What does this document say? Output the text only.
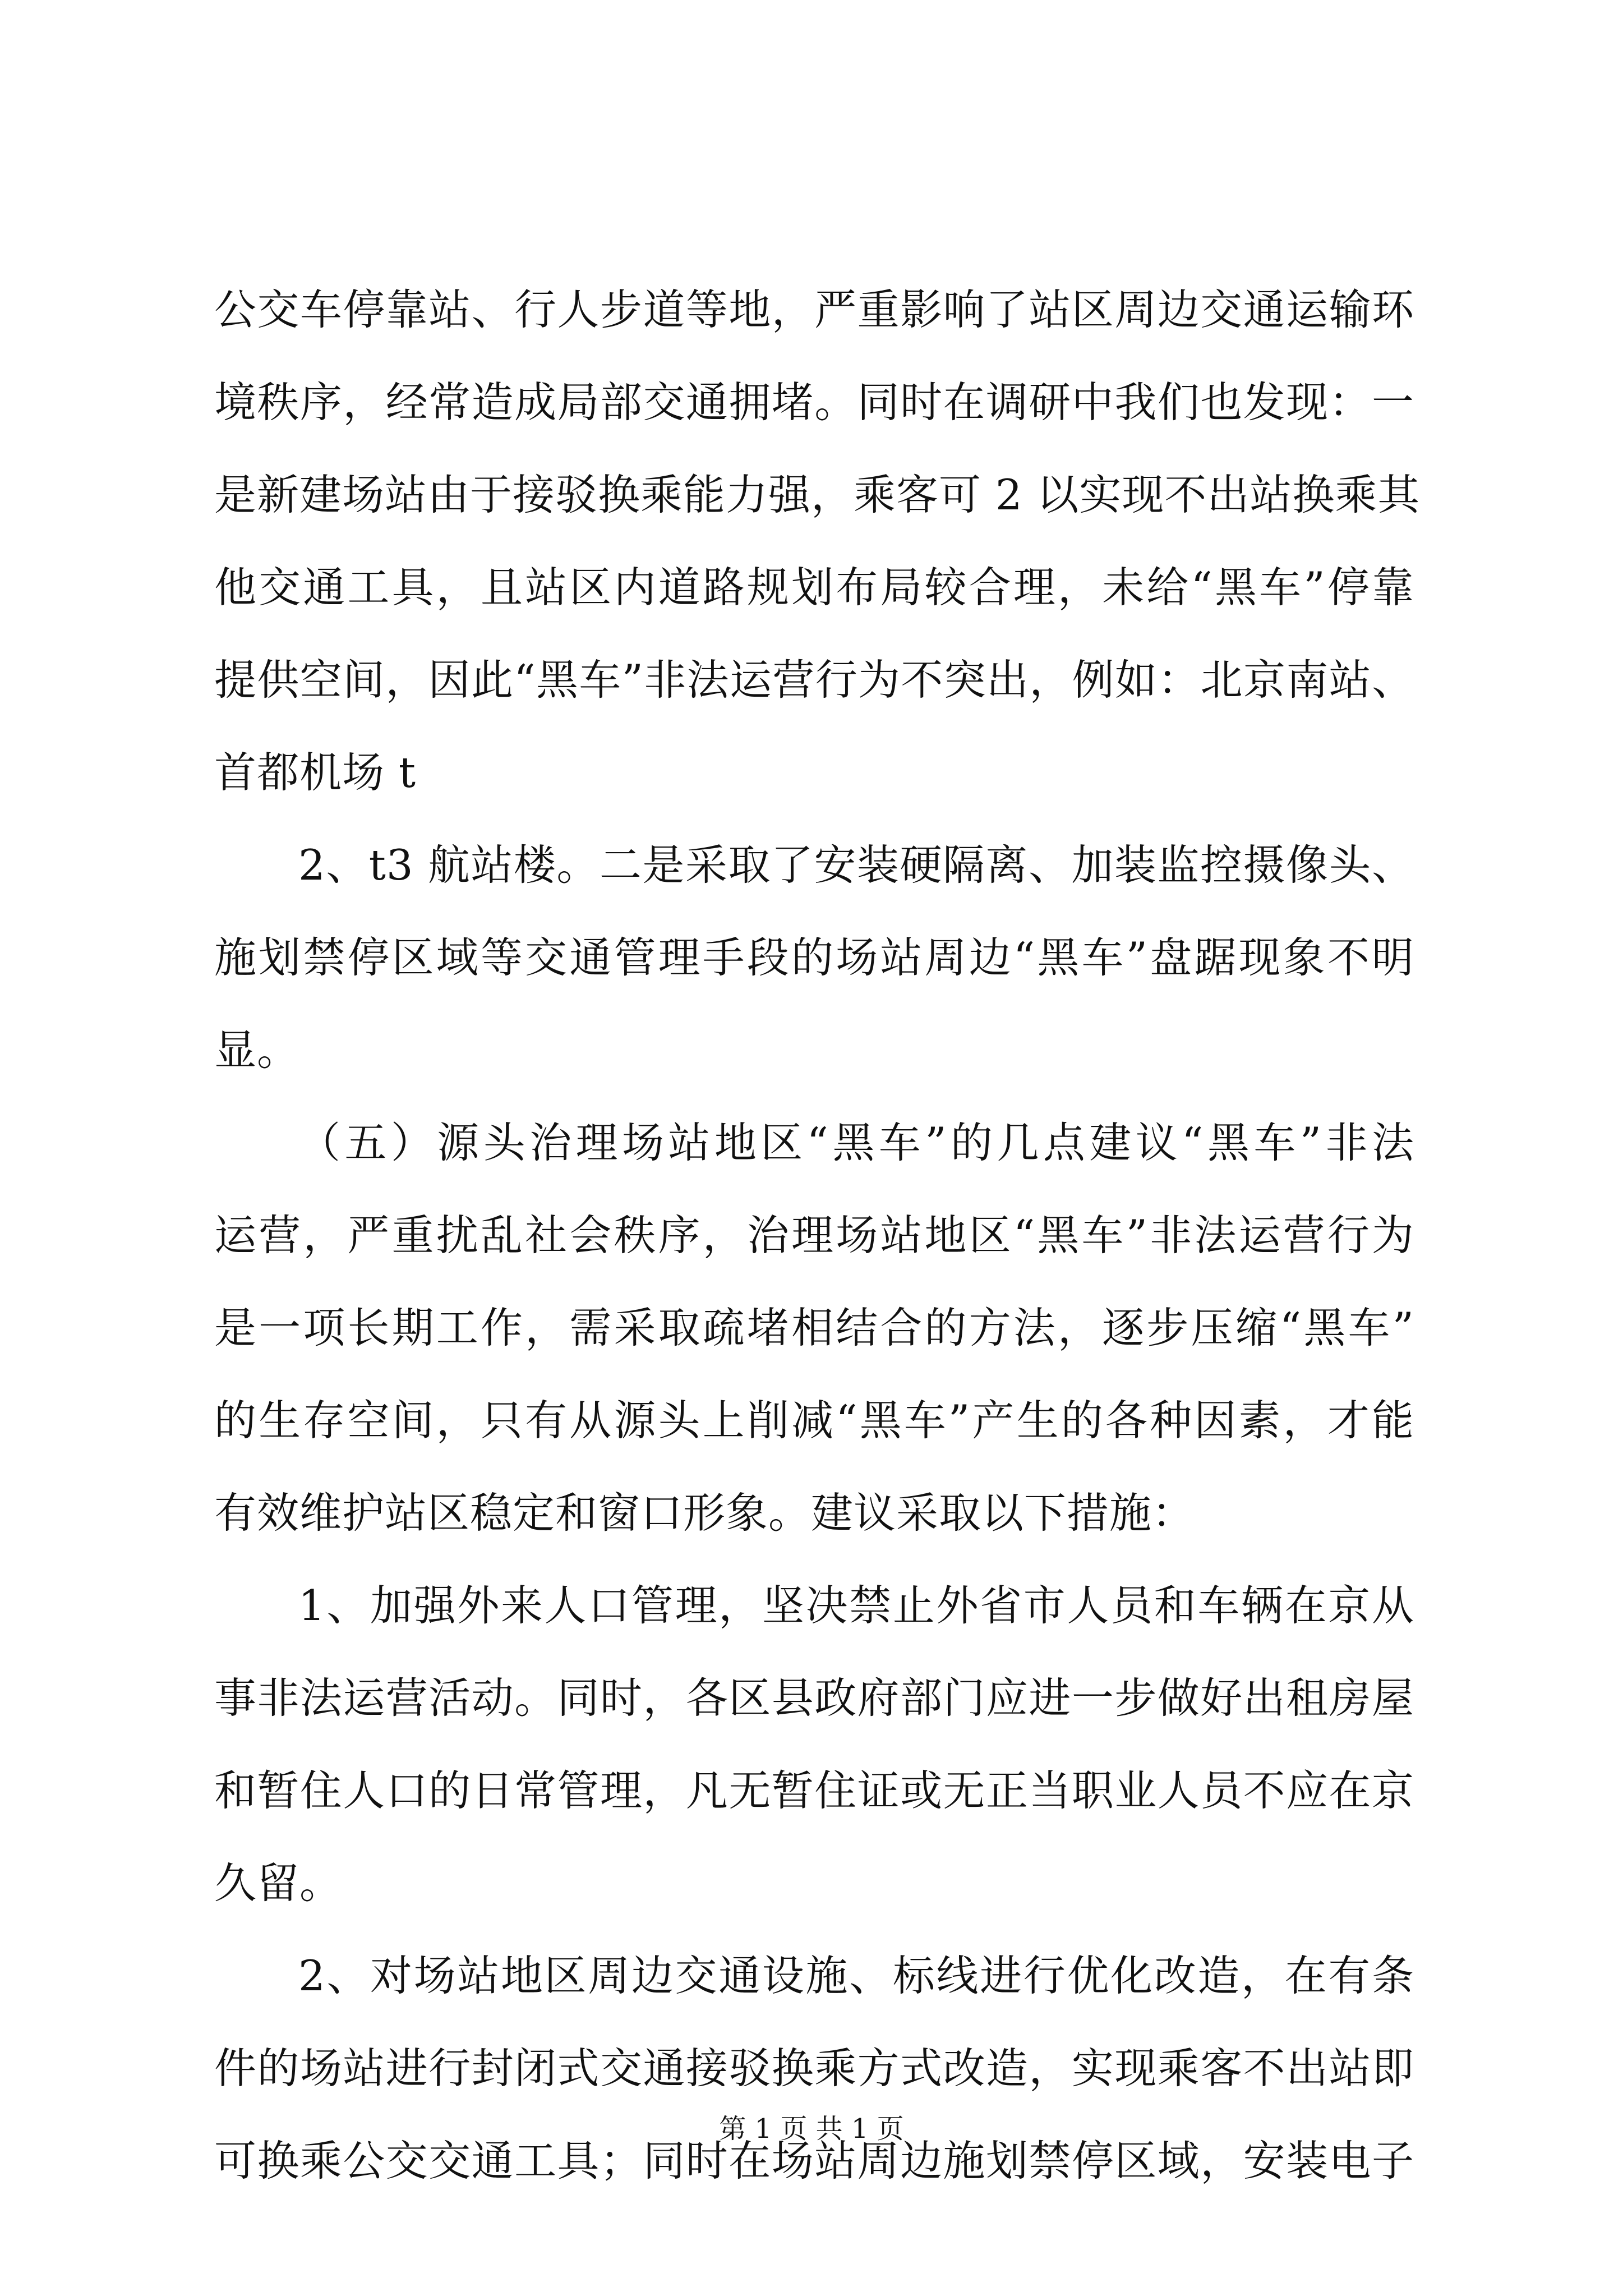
公交车停靠站、行人步道等地，严重影响了站区周边交通运输环
境秩序，经常造成局部交通拥堵。同时在调研中我们也发现：一
是新建场站由于接驳换乘能力强，乘客可 2 以实现不出站换乘其
他交通工具，且站区内道路规划布局较合理，未给“黑车”停靠
提供空间，因此“黑车”非法运营行为不突出，例如：北京南站、
首都机场 t
2、t3 航站楼。二是采取了安装硬隔离、加装监控摄像头、
施划禁停区域等交通管理手段的场站周边“黑车”盘踞现象不明
显。
（五）源头治理场站地区“黑车”的几点建议“黑车”非法
运营，严重扰乱社会秩序，治理场站地区“黑车”非法运营行为
是一项长期工作，需采取疏堵相结合的方法，逐步压缩“黑车”
的生存空间，只有从源头上削减“黑车”产生的各种因素，才能
有效维护站区稳定和窗口形象。建议采取以下措施：
1、加强外来人口管理，坚决禁止外省市人员和车辆在京从
事非法运营活动。同时，各区县政府部门应进一步做好出租房屋
和暂住人口的日常管理，凡无暂住证或无正当职业人员不应在京
久留。
2、对场站地区周边交通设施、标线进行优化改造，在有条
件的场站进行封闭式交通接驳换乘方式改造，实现乘客不出站即
可换乘公交交通工具；同时在场站周边施划禁停区域，安装电子
第 1 页 共 1 页
